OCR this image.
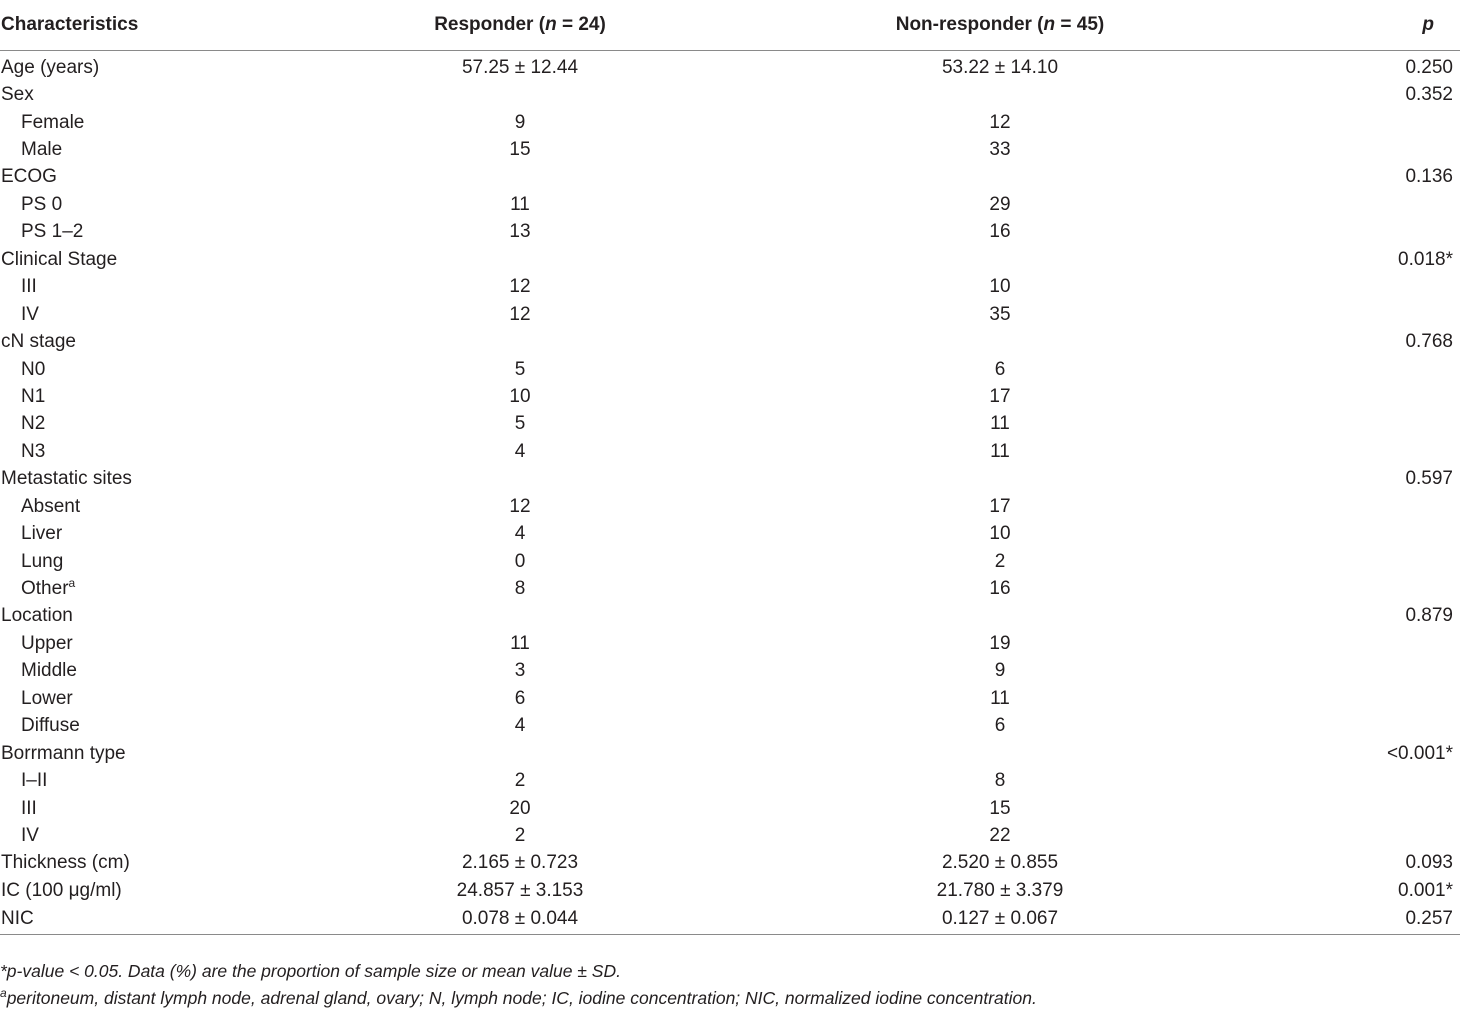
Characteristics	Responder (n = 24)	Non-responder (n = 45)	p
Age (years)	57.25 ± 12.44	53.22 ± 14.10	0.250
Sex			0.352
Female	9	12	
Male	15	33	
ECOG			0.136
PS 0	11	29	
PS 1–2	13	16	
Clinical Stage			0.018*
III	12	10	
IV	12	35	
cN stage			0.768
N0	5	6	
N1	10	17	
N2	5	11	
N3	4	11	
Metastatic sites			0.597
Absent	12	17	
Liver	4	10	
Lung	0	2	
Other$^a$	8	16	
Location			0.879
Upper	11	19	
Middle	3	9	
Lower	6	11	
Diffuse	4	6	
Borrmann type			<0.001*
I–II	2	8	
III	20	15	
IV	2	22	
Thickness (cm)	2.165 ± 0.723	2.520 ± 0.855	0.093
IC (100 μg/ml)	24.857 ± 3.153	21.780 ± 3.379	0.001*
NIC	0.078 ± 0.044	0.127 ± 0.067	0.257

*p-value < 0.05. Data (%) are the proportion of sample size or mean value ± SD.

$^a$peritoneum, distant lymph node, adrenal gland, ovary; N, lymph node; IC, iodine concentration; NIC, normalized iodine concentration.
